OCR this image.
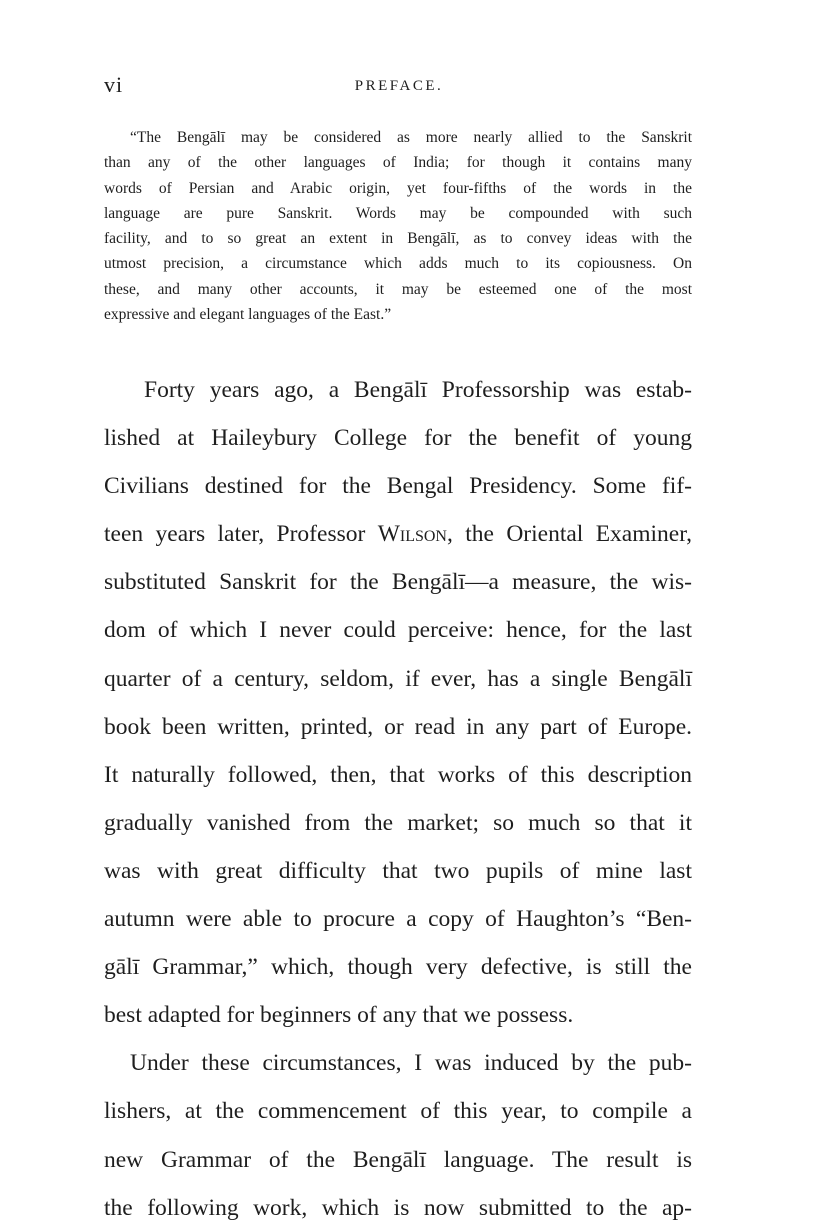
vi	PREFACE.
“The Bengālī may be considered as more nearly allied to the Sanskrit
than any of the other languages of India; for though it contains many
words of Persian and Arabic origin, yet four-fifths of the words in the
language are pure Sanskrit. Words may be compounded with such
facility, and to so great an extent in Bengālī, as to convey ideas with the
utmost precision, a circumstance which adds much to its copiousness. On
these, and many other accounts, it may be esteemed one of the most
expressive and elegant languages of the East.”
Forty years ago, a Bengālī Professorship was estab-
lished at Haileybury College for the benefit of young
Civilians destined for the Bengal Presidency. Some fif-
teen years later, Professor Wilson, the Oriental Examiner,
substituted Sanskrit for the Bengālī—a measure, the wis-
dom of which I never could perceive: hence, for the last
quarter of a century, seldom, if ever, has a single Bengālī
book been written, printed, or read in any part of Europe.
It naturally followed, then, that works of this description
gradually vanished from the market; so much so that it
was with great difficulty that two pupils of mine last
autumn were able to procure a copy of Haughton’s “Ben-
gālī Grammar,” which, though very defective, is still the
best adapted for beginners of any that we possess.
Under these circumstances, I was induced by the pub-
lishers, at the commencement of this year, to compile a
new Grammar of the Bengālī language. The result is
the following work, which is now submitted to the ap-
